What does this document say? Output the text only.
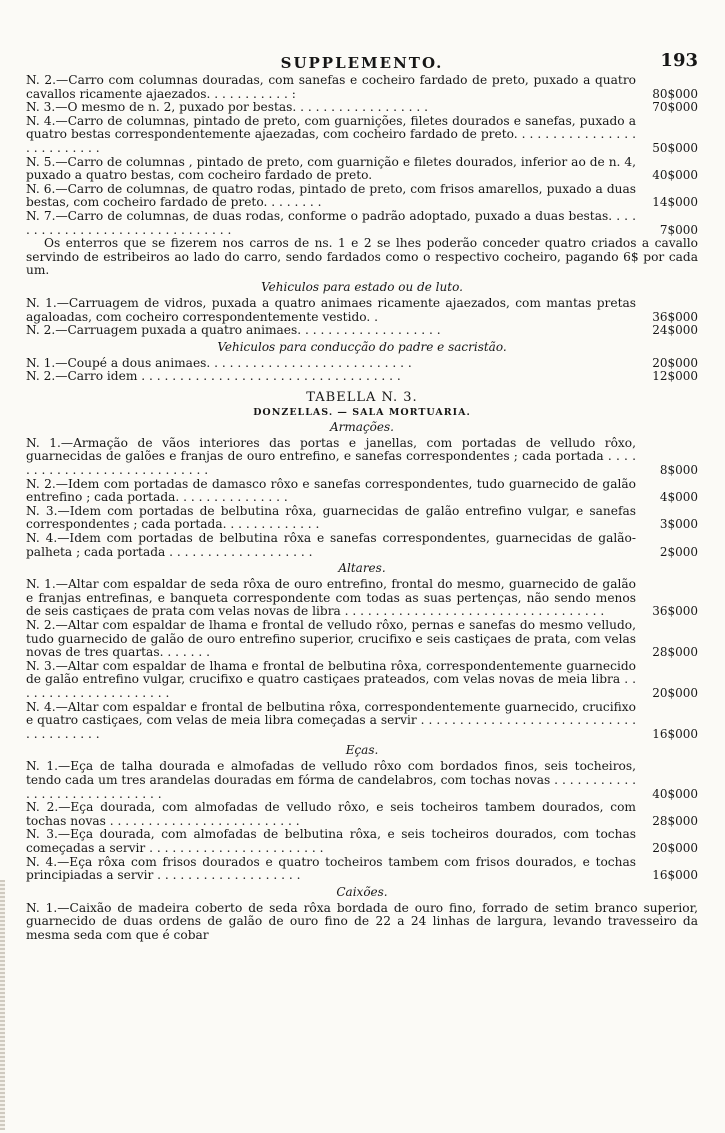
SUPPLEMENTO.	193
N. 2.—Carro com columnas douradas, com sanefas e cocheiro fardado de preto, puxado a quatro cavallos ricamente ajaezados. . . . . . . . . . . :	80$000
N. 3.—O mesmo de n. 2, puxado por bestas. . . . . . . . . . . . . . . . . .	70$000
N. 4.—Carro de columnas, pintado de preto, com guarnições, filetes dourados e sanefas, puxado a quatro bestas correspondentemente ajaezadas, com cocheiro fardado de preto. . . . . . . . . . . . . . . . . . . . . . . . . .	50$000
N. 5.—Carro de columnas , pintado de preto, com guarnição e filetes dourados, inferior ao de n. 4, puxado a quatro bestas, com cocheiro fardado de preto.	40$000
N. 6.—Carro de columnas, de quatro rodas, pintado de preto, com frisos amarellos, puxado a duas bestas, com cocheiro fardado de preto. . . . . . . .	14$000
N. 7.—Carro de columnas, de duas rodas, conforme o padrão adoptado, puxado a duas bestas. . . . . . . . . . . . . . . . . . . . . . . . . . . . . . .	7$000
Os enterros que se fizerem nos carros de ns. 1 e 2 se lhes poderão conceder quatro criados a cavallo servindo de estribeiros ao lado do carro, sendo fardados como o respectivo cocheiro, pagando 6$ por cada um.
Vehiculos para estado ou de luto.
N. 1.—Carruagem de vidros, puxada a quatro animaes ricamente ajaezados, com mantas pretas agaloadas, com cocheiro correspondentemente vestido. .	36$000
N. 2.—Carruagem puxada a quatro animaes. . . . . . . . . . . . . . . . . . .	24$000
Vehiculos para conducção do padre e sacristão.
N. 1.—Coupé a dous animaes. . . . . . . . . . . . . . . . . . . . . . . . . . .	20$000
N. 2.—Carro idem . . . . . . . . . . . . . . . . . . . . . . . . . . . . . . . . . .	12$000
TABELLA N. 3.
DONZELLAS. — SALA MORTUARIA.
Armações.
N. 1.—Armação de vãos interiores das portas e janellas, com portadas de velludo rôxo, guarnecidas de galões e franjas de ouro entrefino, e sanefas correspondentes ; cada portada . . . . . . . . . . . . . . . . . . . . . . . . . . . .	8$000
N. 2.—Idem com portadas de damasco rôxo e sanefas correspondentes, tudo guarnecido de galão entrefino ; cada portada. . . . . . . . . . . . . . .	4$000
N. 3.—Idem com portadas de belbutina rôxa, guarnecidas de galão entrefino vulgar, e sanefas correspondentes ; cada portada. . . . . . . . . . . . .	3$000
N. 4.—Idem com portadas de belbutina rôxa e sanefas correspondentes, guarnecidas de galão-palheta ; cada portada . . . . . . . . . . . . . . . . . . .	2$000
Altares.
N. 1.—Altar com espaldar de seda rôxa de ouro entrefino, frontal do mesmo, guarnecido de galão e franjas entrefinas, e banqueta correspondente com todas as suas pertenças, não sendo menos de seis castiçaes de prata com velas novas de libra . . . . . . . . . . . . . . . . . . . . . . . . . . . . . . . . . .	36$000
N. 2.—Altar com espaldar de lhama e frontal de velludo rôxo, pernas e sanefas do mesmo velludo, tudo guarnecido de galão de ouro entrefino superior, crucifixo e seis castiçaes de prata, com velas novas de tres quartas. . . . . . .	28$000
N. 3.—Altar com espaldar de lhama e frontal de belbutina rôxa, correspondentemente guarnecido de galão entrefino vulgar, crucifixo e quatro castiçaes prateados, com velas novas de meia libra . . . . . . . . . . . . . . . . . . . . .	20$000
N. 4.—Altar com espaldar e frontal de belbutina rôxa, correspondentemente guarnecido, crucifixo e quatro castiçaes, com velas de meia libra começadas a servir . . . . . . . . . . . . . . . . . . . . . . . . . . . . . . . . . . . . . .	16$000
Eças.
N. 1.—Eça de talha dourada e almofadas de velludo rôxo com bordados finos, seis tocheiros, tendo cada um tres arandelas douradas em fórma de candelabros, com tochas novas . . . . . . . . . . . . . . . . . . . . . . . . . . . . .	40$000
N. 2.—Eça dourada, com almofadas de velludo rôxo, e seis tocheiros tambem dourados, com tochas novas . . . . . . . . . . . . . . . . . . . . . . . . .	28$000
N. 3.—Eça dourada, com almofadas de belbutina rôxa, e seis tocheiros dourados, com tochas começadas a servir . . . . . . . . . . . . . . . . . . . . . . .	20$000
N. 4.—Eça rôxa com frisos dourados e quatro tocheiros tambem com frisos dourados, e tochas principiadas a servir . . . . . . . . . . . . . . . . . . .	16$000
Caixões.
N. 1.—Caixão de madeira coberto de seda rôxa bordada de ouro fino, forrado de setim branco superior, guarnecido de duas ordens de galão de ouro fino de 22 a 24 linhas de largura, levando travesseiro da mesma seda com que é cobar
